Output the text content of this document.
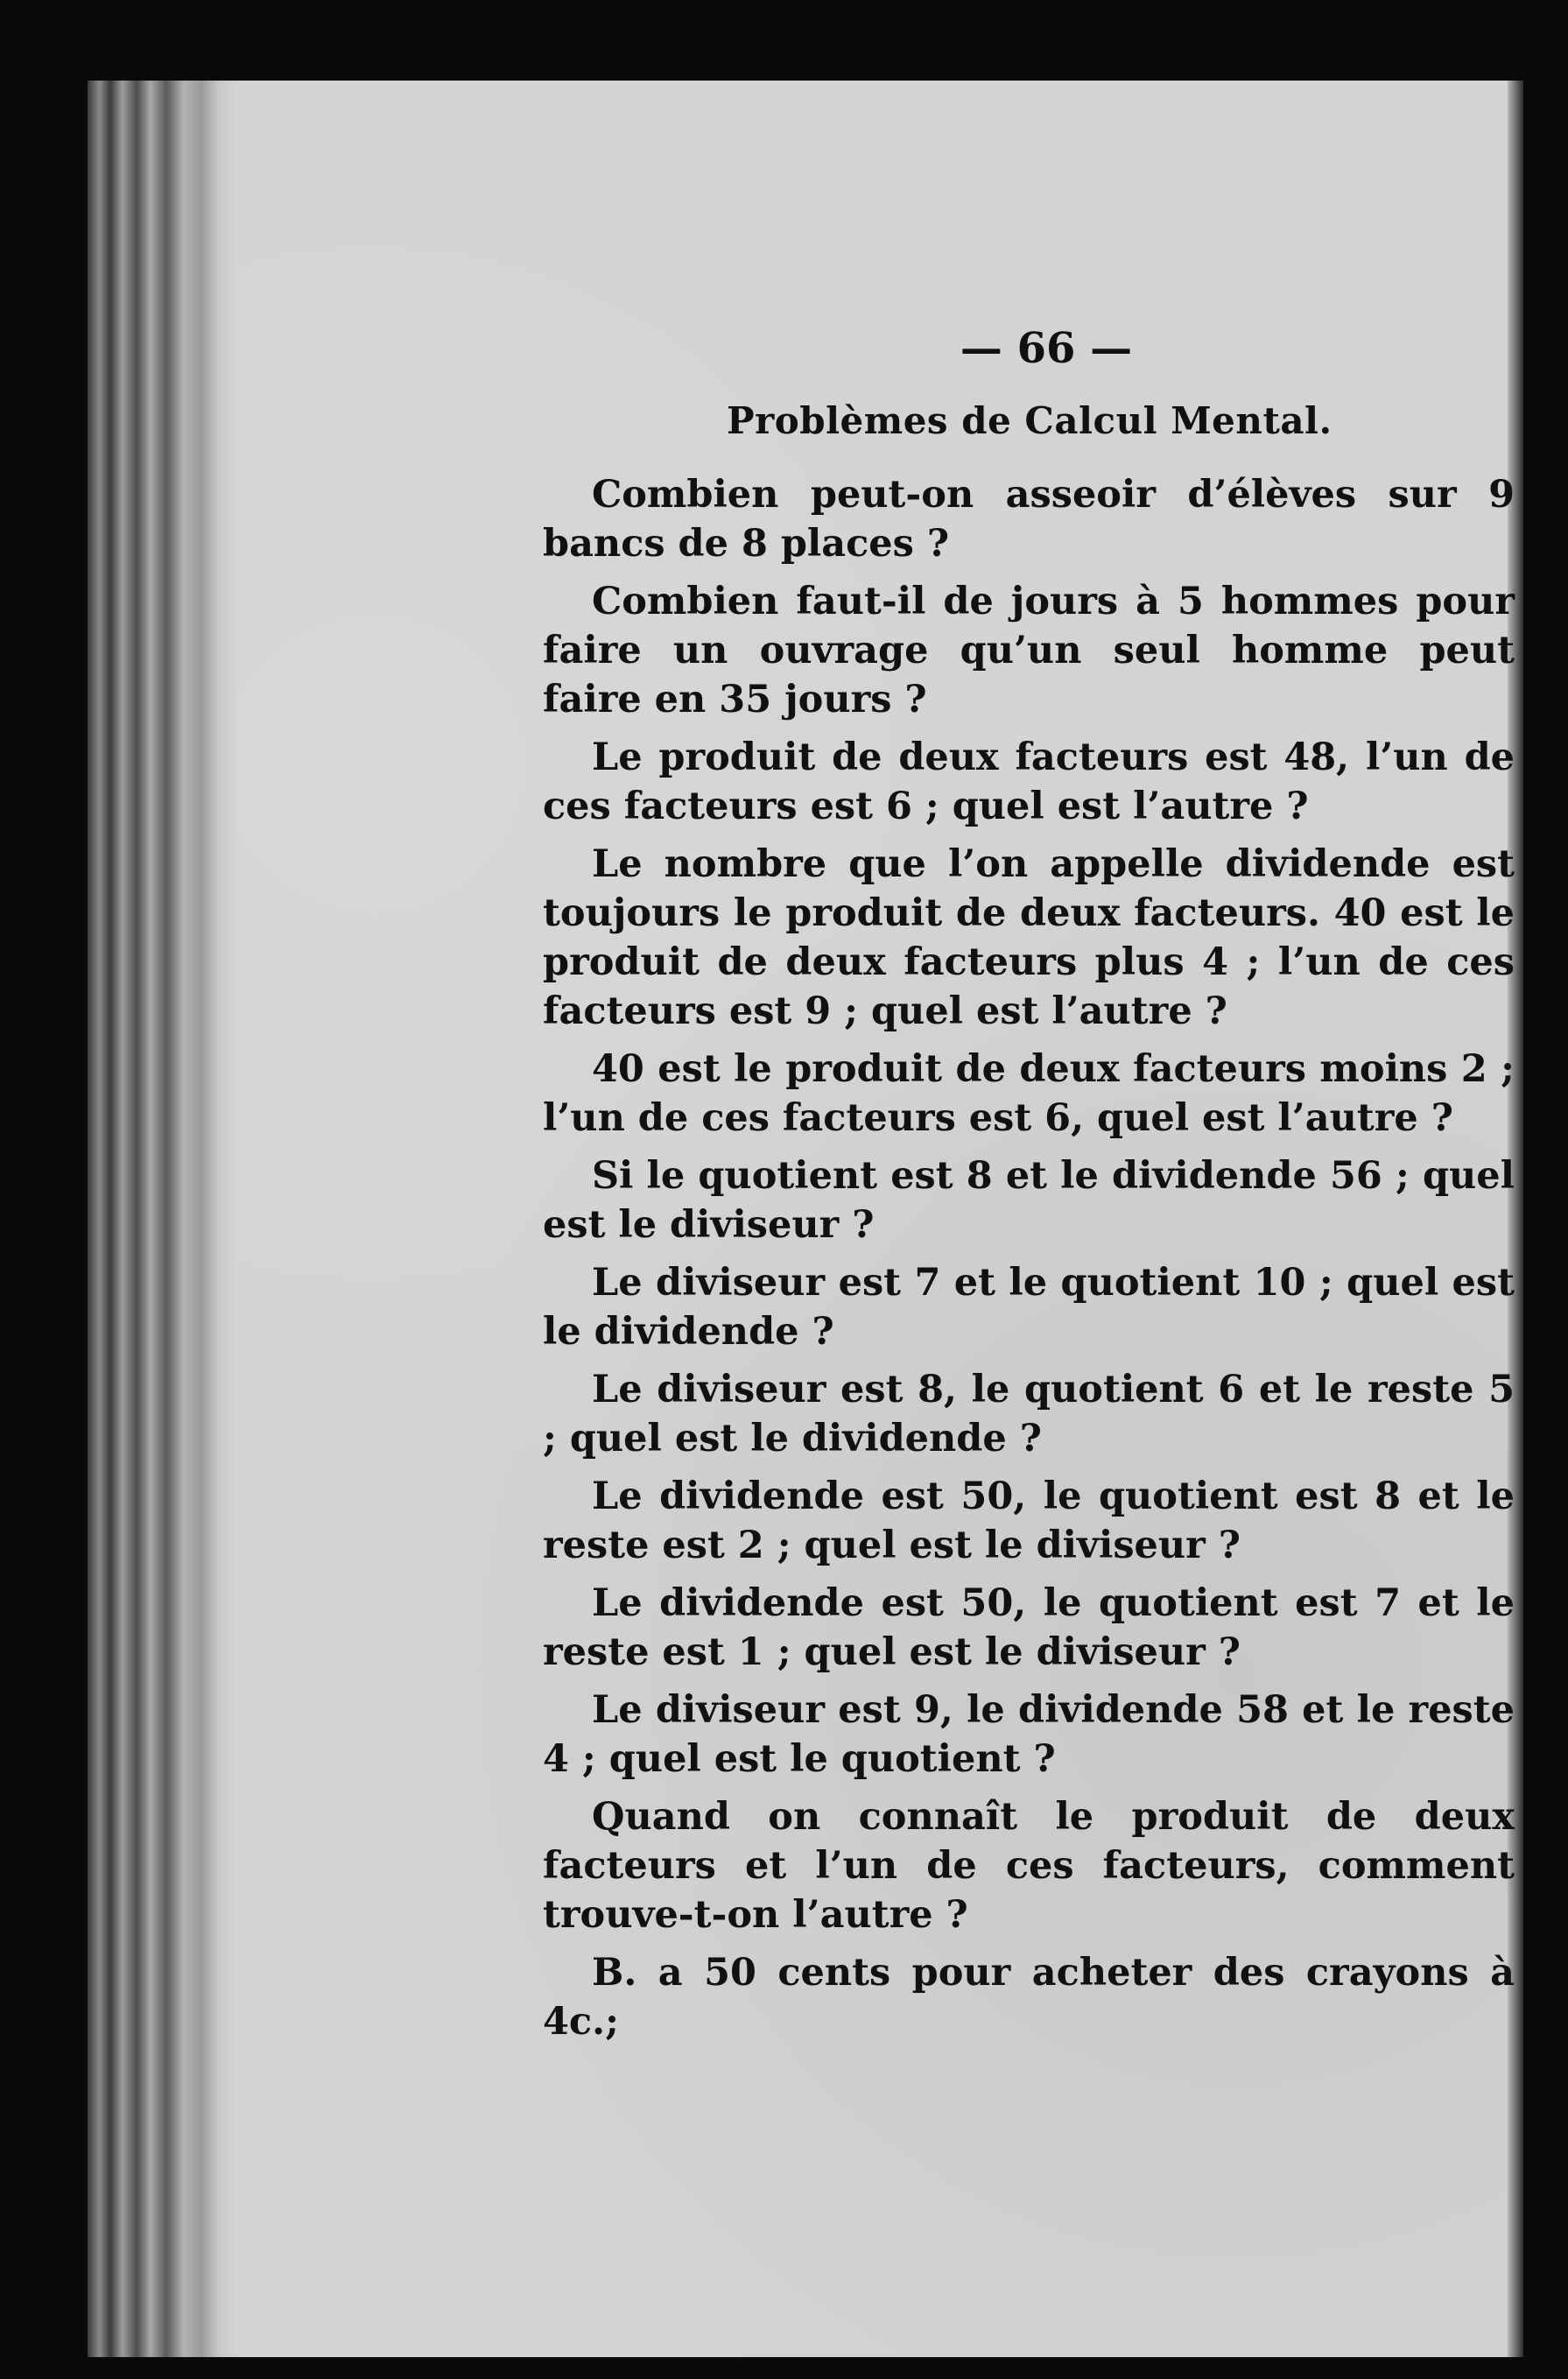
— 66 —
Problèmes de Calcul Mental.

Combien peut-on asseoir d’élèves sur 9 bancs de 8 places ?

Combien faut-il de jours à 5 hommes pour faire un ouvrage qu’un seul homme peut faire en 35 jours ?

Le produit de deux facteurs est 48, l’un de ces facteurs est 6 ; quel est l’autre ?

Le nombre que l’on appelle dividende est toujours le produit de deux facteurs. 40 est le produit de deux facteurs plus 4 ; l’un de ces facteurs est 9 ; quel est l’autre ?

40 est le produit de deux facteurs moins 2 ; l’un de ces facteurs est 6, quel est l’autre ?

Si le quotient est 8 et le dividende 56 ; quel est le diviseur ?

Le diviseur est 7 et le quotient 10 ; quel est le dividende ?

Le diviseur est 8, le quotient 6 et le reste 5 ; quel est le dividende ?

Le dividende est 50, le quotient est 8 et le reste est 2 ; quel est le diviseur ?

Le dividende est 50, le quotient est 7 et le reste est 1 ; quel est le diviseur ?

Le diviseur est 9, le dividende 58 et le reste 4 ; quel est le quotient ?

Quand on connaît le produit de deux facteurs et l’un de ces facteurs, comment trouve-t-on l’autre ?

B. a 50 cents pour acheter des crayons à 4c.;
